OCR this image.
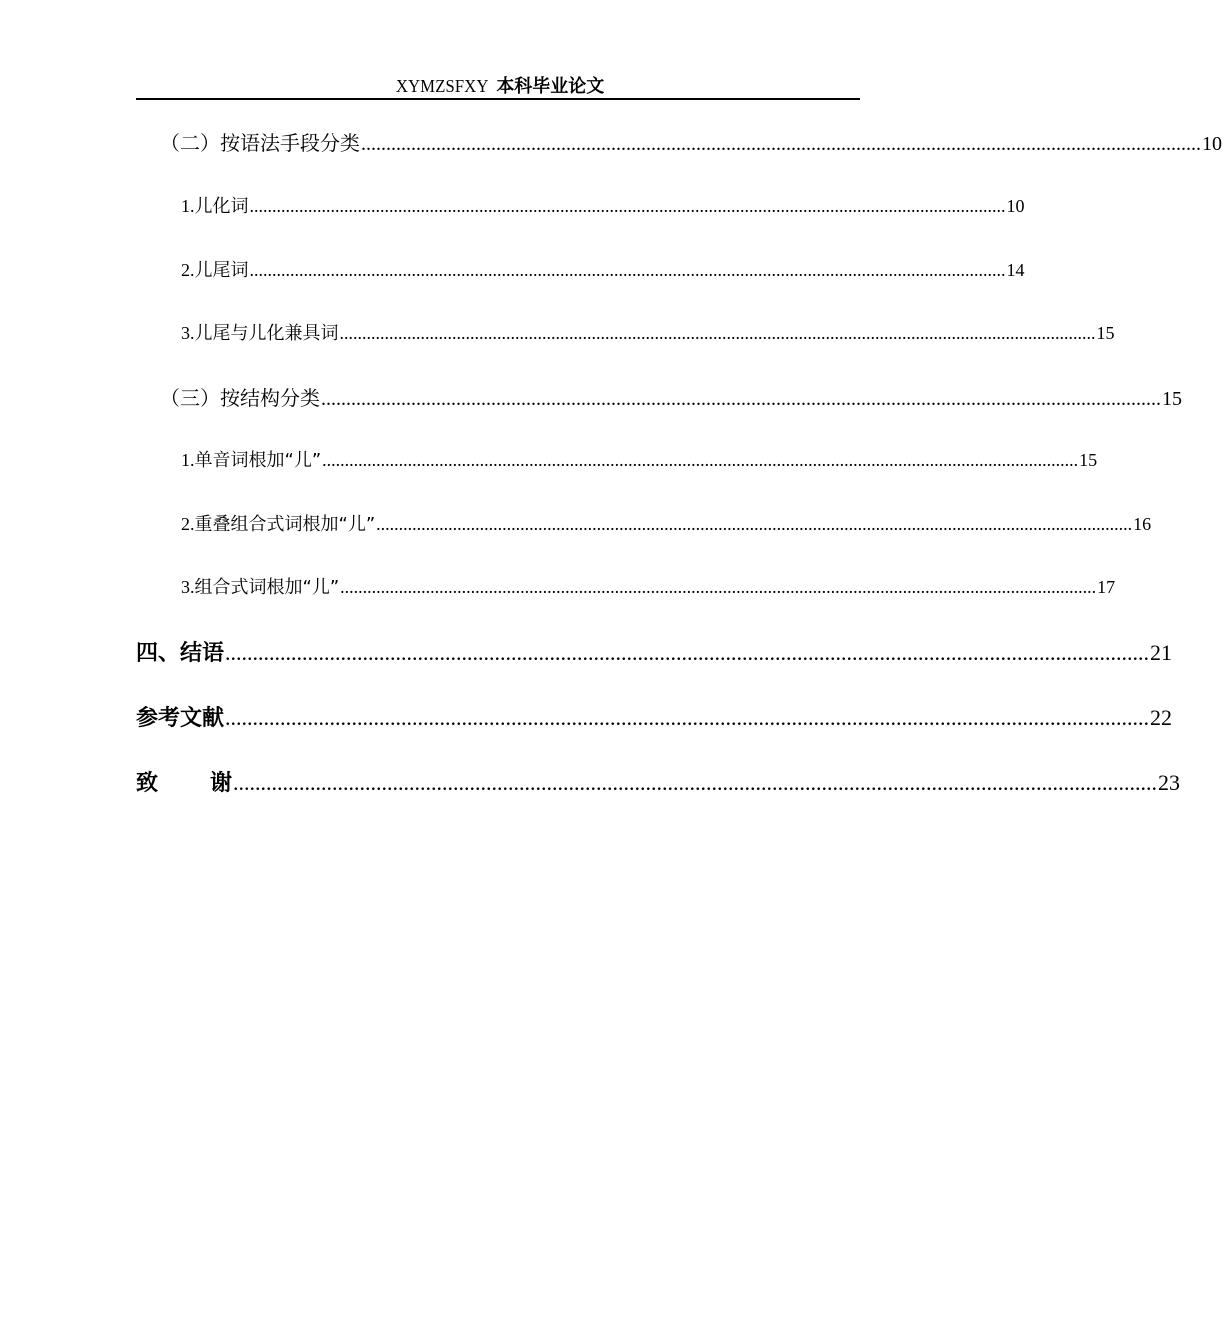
XYMZSFXY 本科毕业论文
（二）按语法手段分类 ........................................................................................................................................................................ 10
1.儿化词 ........................................................................................................................................................................ 10
2.儿尾词 ........................................................................................................................................................................ 14
3.儿尾与儿化兼具词 ........................................................................................................................................................................ 15
（三）按结构分类 ........................................................................................................................................................................ 15
1.单音词根加“儿” ........................................................................................................................................................................ 15
2.重叠组合式词根加“儿” ........................................................................................................................................................................ 16
3.组合式词根加“儿” ........................................................................................................................................................................ 17
四、结语 ........................................................................................................................................................................ 21
参考文献 ........................................................................................................................................................................ 22
致 谢 ........................................................................................................................................................................ 23
